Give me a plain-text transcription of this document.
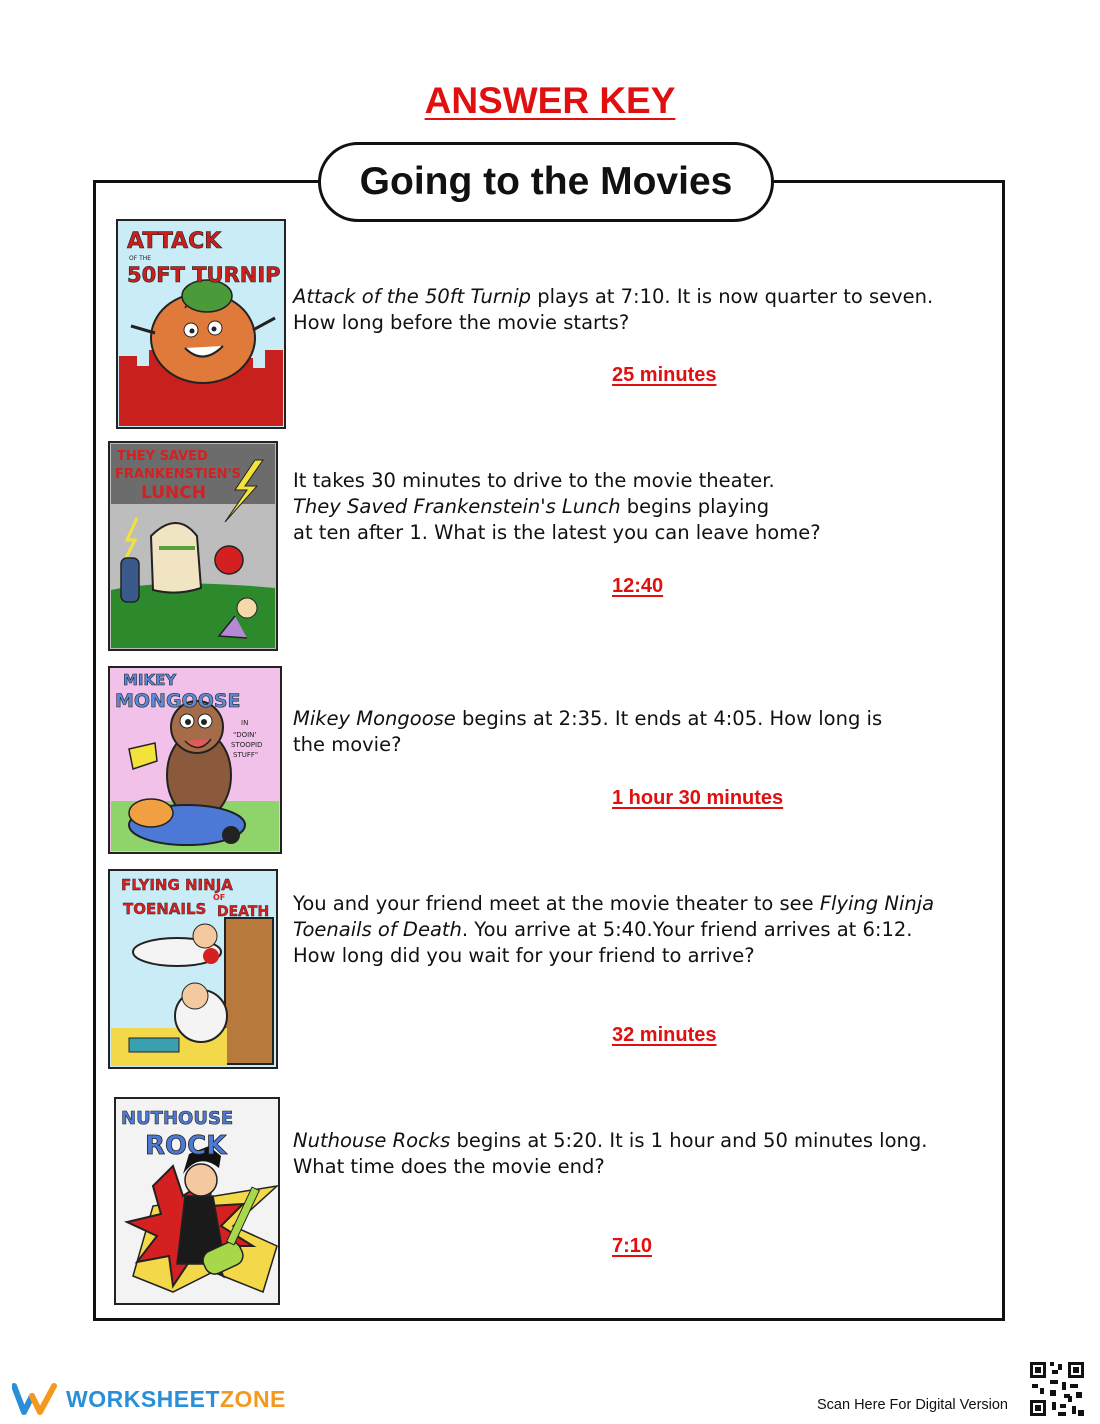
ANSWER KEY
Going to the Movies
ATTACK
OF THE
50FT TURNIP
THEY SAVED
FRANKENSTIEN'S
LUNCH
MIKEY
MONGOOSE
IN
"DOIN'
STOOPID
STUFF"
FLYING NINJA
TOENAILS
OF
DEATH
NUTHOUSE
ROCK
Attack of the 50ft Turnip plays at 7:10. It is now quarter to seven.
How long before the movie starts?
25 minutes
It takes 30 minutes to drive to the movie theater.
They Saved Frankenstein's Lunch begins playing
at ten after 1. What is the latest you can leave home?
12:40
Mikey Mongoose begins at 2:35. It ends at 4:05. How long is
the movie?
1 hour 30 minutes
You and your friend meet at the movie theater to see Flying Ninja
Toenails of Death. You arrive at 5:40.Your friend arrives at 6:12.
How long did you wait for your friend to arrive?
32 minutes
Nuthouse Rocks begins at 5:20. It is 1 hour and 50 minutes long.
What time does the movie end?
7:10
WORKSHEETZONE	Scan Here For Digital Version
